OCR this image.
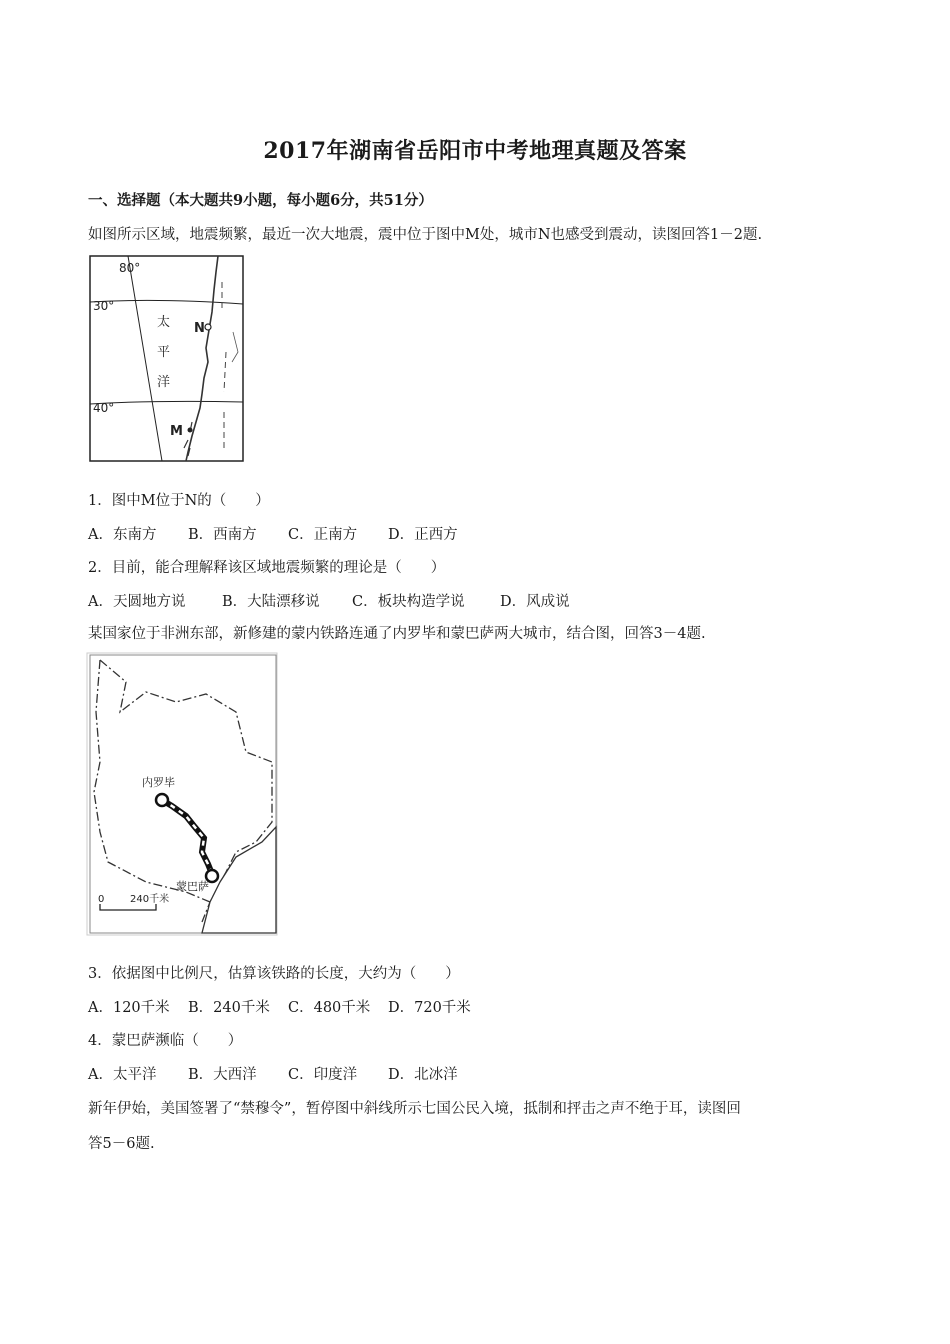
2017年湖南省岳阳市中考地理真题及答案
一、选择题（本大题共9小题，每小题6分，共51分）
如图所示区域，地震频繁，最近一次大地震，震中位于图中M处，城市N也感受到震动，读图回答1－2题.
80°
30°
40°
太
平
洋
N
M
1．图中M位于N的（　　）
A．东南方 B．西南方 C．正南方 D．正西方
2．目前，能合理解释该区域地震频繁的理论是（　　）
A．天圆地方说	B．大陆漂移说 C．板块构造学说 D．风成说
某国家位于非洲东部，新修建的蒙内铁路连通了内罗毕和蒙巴萨两大城市，结合图，回答3－4题.
内罗毕
蒙巴萨
0	240千米
3．依据图中比例尺，估算该铁路的长度，大约为（　　）
A．120千米 B．240千米 C．480千米 D．720千米
4．蒙巴萨濒临（　　）
A．太平洋 B．大西洋 C．印度洋 D．北冰洋
新年伊始，美国签署了“禁穆令”，暂停图中斜线所示七国公民入境，抵制和抨击之声不绝于耳，读图回
答5－6题.
